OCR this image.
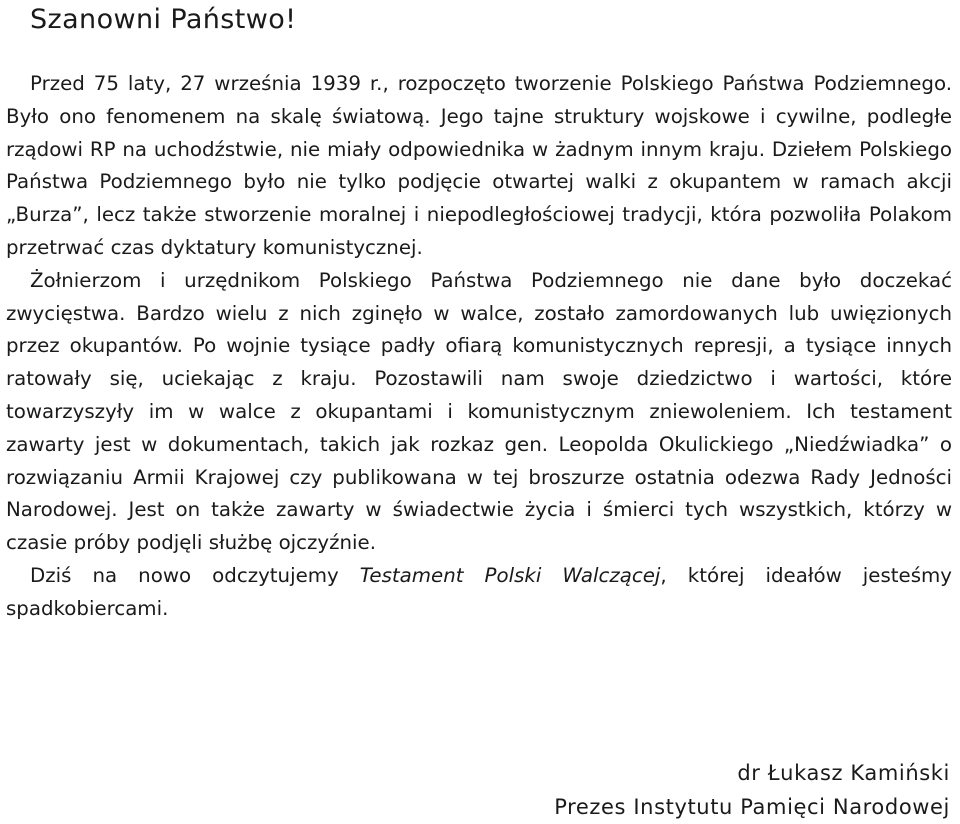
Szanowni Państwo!

Przed 75 laty, 27 września 1939 r., rozpoczęto tworzenie Polskiego Państwa Podziemnego. Było ono fenomenem na skalę światową. Jego tajne struktury wojskowe i cywilne, podległe rządowi RP na uchodźstwie, nie miały odpowiednika w żadnym innym kraju. Dziełem Polskiego Państwa Podziemnego było nie tylko podjęcie otwartej walki z okupantem w ramach akcji „Burza”, lecz także stworzenie moralnej i niepodległościowej tradycji, która pozwoliła Polakom przetrwać czas dyktatury komunistycznej.

Żołnierzom i urzędnikom Polskiego Państwa Podziemnego nie dane było doczekać zwycięstwa. Bardzo wielu z nich zginęło w walce, zostało zamordowanych lub uwięzionych przez okupantów. Po wojnie tysiące padły ofiarą komunistycznych represji, a tysiące innych ratowały się, uciekając z kraju. Pozostawili nam swoje dziedzictwo i wartości, które towarzyszyły im w walce z okupantami i komunistycznym zniewoleniem. Ich testament zawarty jest w dokumentach, takich jak rozkaz gen. Leopolda Okulickiego „Niedźwiadka” o rozwiązaniu Armii Krajowej czy publikowana w tej broszurze ostatnia odezwa Rady Jedności Narodowej. Jest on także zawarty w świadectwie życia i śmierci tych wszystkich, którzy w czasie próby podjęli służbę ojczyźnie.

Dziś na nowo odczytujemy Testament Polski Walczącej, której ideałów jesteśmy spadkobiercami.

dr Łukasz Kamiński
Prezes Instytutu Pamięci Narodowej
